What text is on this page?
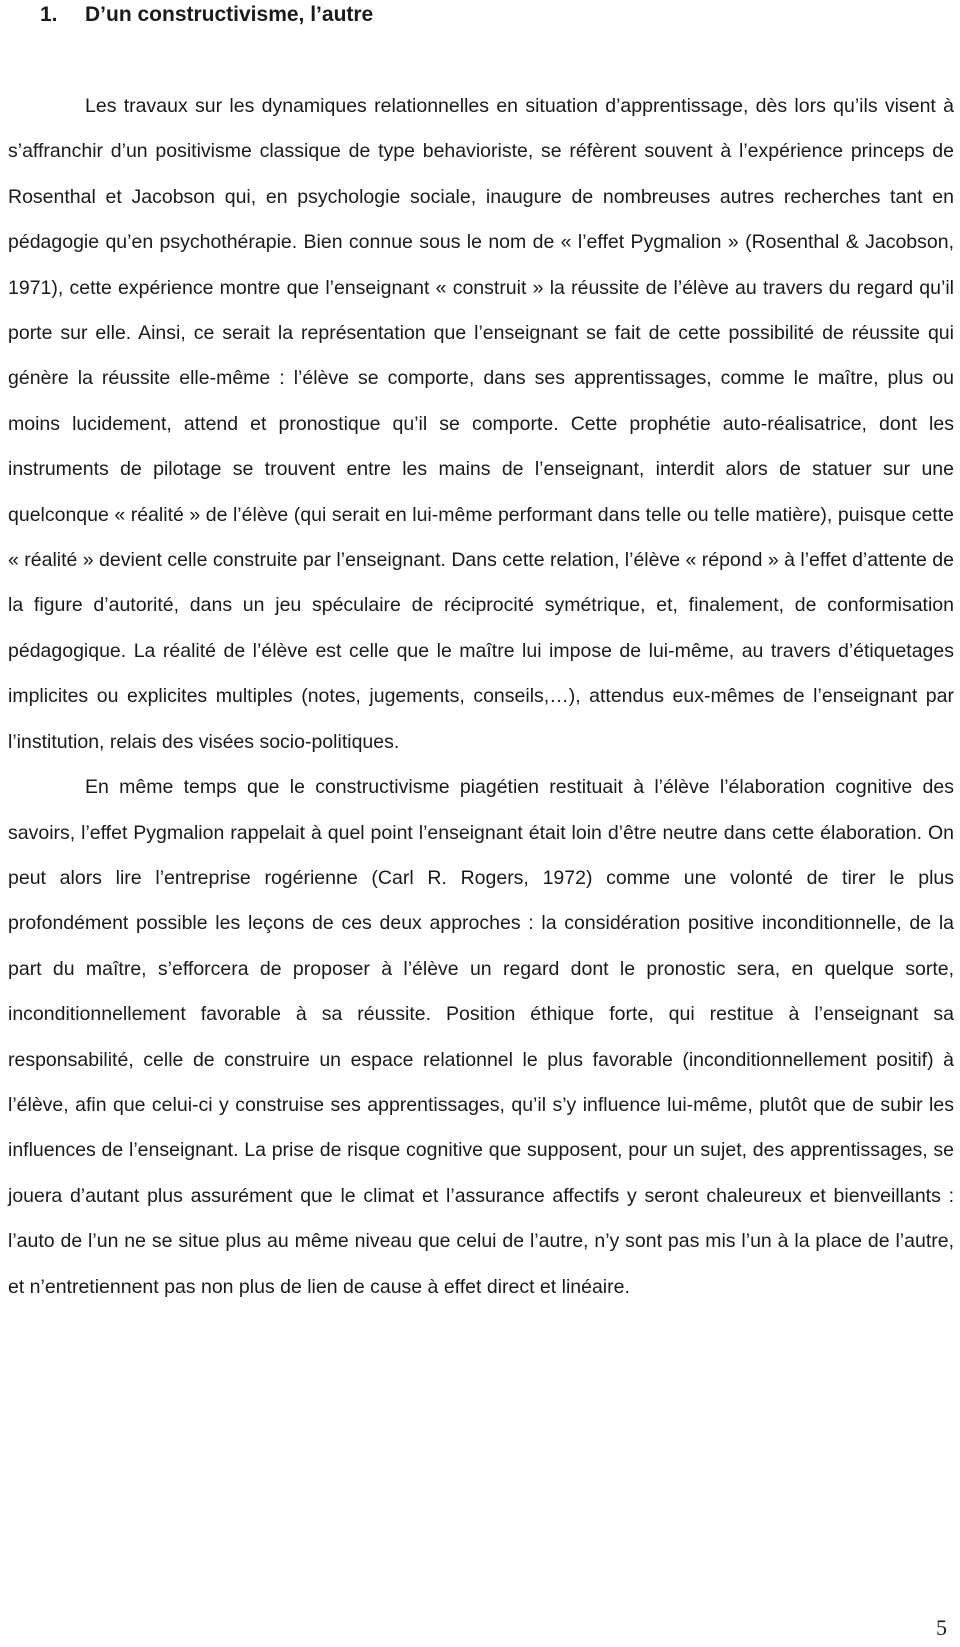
1. D’un constructivisme, l’autre

Les travaux sur les dynamiques relationnelles en situation d’apprentissage, dès lors qu’ils visent à s’affranchir d’un positivisme classique de type behavioriste, se réfèrent souvent à l’expérience princeps de Rosenthal et Jacobson qui, en psychologie sociale, inaugure de nombreuses autres recherches tant en pédagogie qu’en psychothérapie. Bien connue sous le nom de « l’effet Pygmalion » (Rosenthal & Jacobson, 1971), cette expérience montre que l’enseignant « construit » la réussite de l’élève au travers du regard qu’il porte sur elle. Ainsi, ce serait la représentation que l’enseignant se fait de cette possibilité de réussite qui génère la réussite elle-même : l’élève se comporte, dans ses apprentissages, comme le maître, plus ou moins lucidement, attend et pronostique qu’il se comporte. Cette prophétie auto-réalisatrice, dont les instruments de pilotage se trouvent entre les mains de l’enseignant, interdit alors de statuer sur une quelconque « réalité » de l’élève (qui serait en lui-même performant dans telle ou telle matière), puisque cette « réalité » devient celle construite par l’enseignant. Dans cette relation, l’élève « répond » à l’effet d’attente de la figure d’autorité, dans un jeu spéculaire de réciprocité symétrique, et, finalement, de conformisation pédagogique. La réalité de l’élève est celle que le maître lui impose de lui-même, au travers d’étiquetages implicites ou explicites multiples (notes, jugements, conseils,…), attendus eux-mêmes de l’enseignant par l’institution, relais des visées socio-politiques.

En même temps que le constructivisme piagétien restituait à l’élève l’élaboration cognitive des savoirs, l’effet Pygmalion rappelait à quel point l’enseignant était loin d’être neutre dans cette élaboration. On peut alors lire l’entreprise rogérienne (Carl R. Rogers, 1972) comme une volonté de tirer le plus profondément possible les leçons de ces deux approches : la considération positive inconditionnelle, de la part du maître, s’efforcera de proposer à l’élève un regard dont le pronostic sera, en quelque sorte, inconditionnellement favorable à sa réussite. Position éthique forte, qui restitue à l’enseignant sa responsabilité, celle de construire un espace relationnel le plus favorable (inconditionnellement positif) à l’élève, afin que celui-ci y construise ses apprentissages, qu’il s’y influence lui-même, plutôt que de subir les influences de l’enseignant. La prise de risque cognitive que supposent, pour un sujet, des apprentissages, se jouera d’autant plus assurément que le climat et l’assurance affectifs y seront chaleureux et bienveillants : l’auto de l’un ne se situe plus au même niveau que celui de l’autre, n’y sont pas mis l’un à la place de l’autre, et n’entretiennent pas non plus de lien de cause à effet direct et linéaire.

5
